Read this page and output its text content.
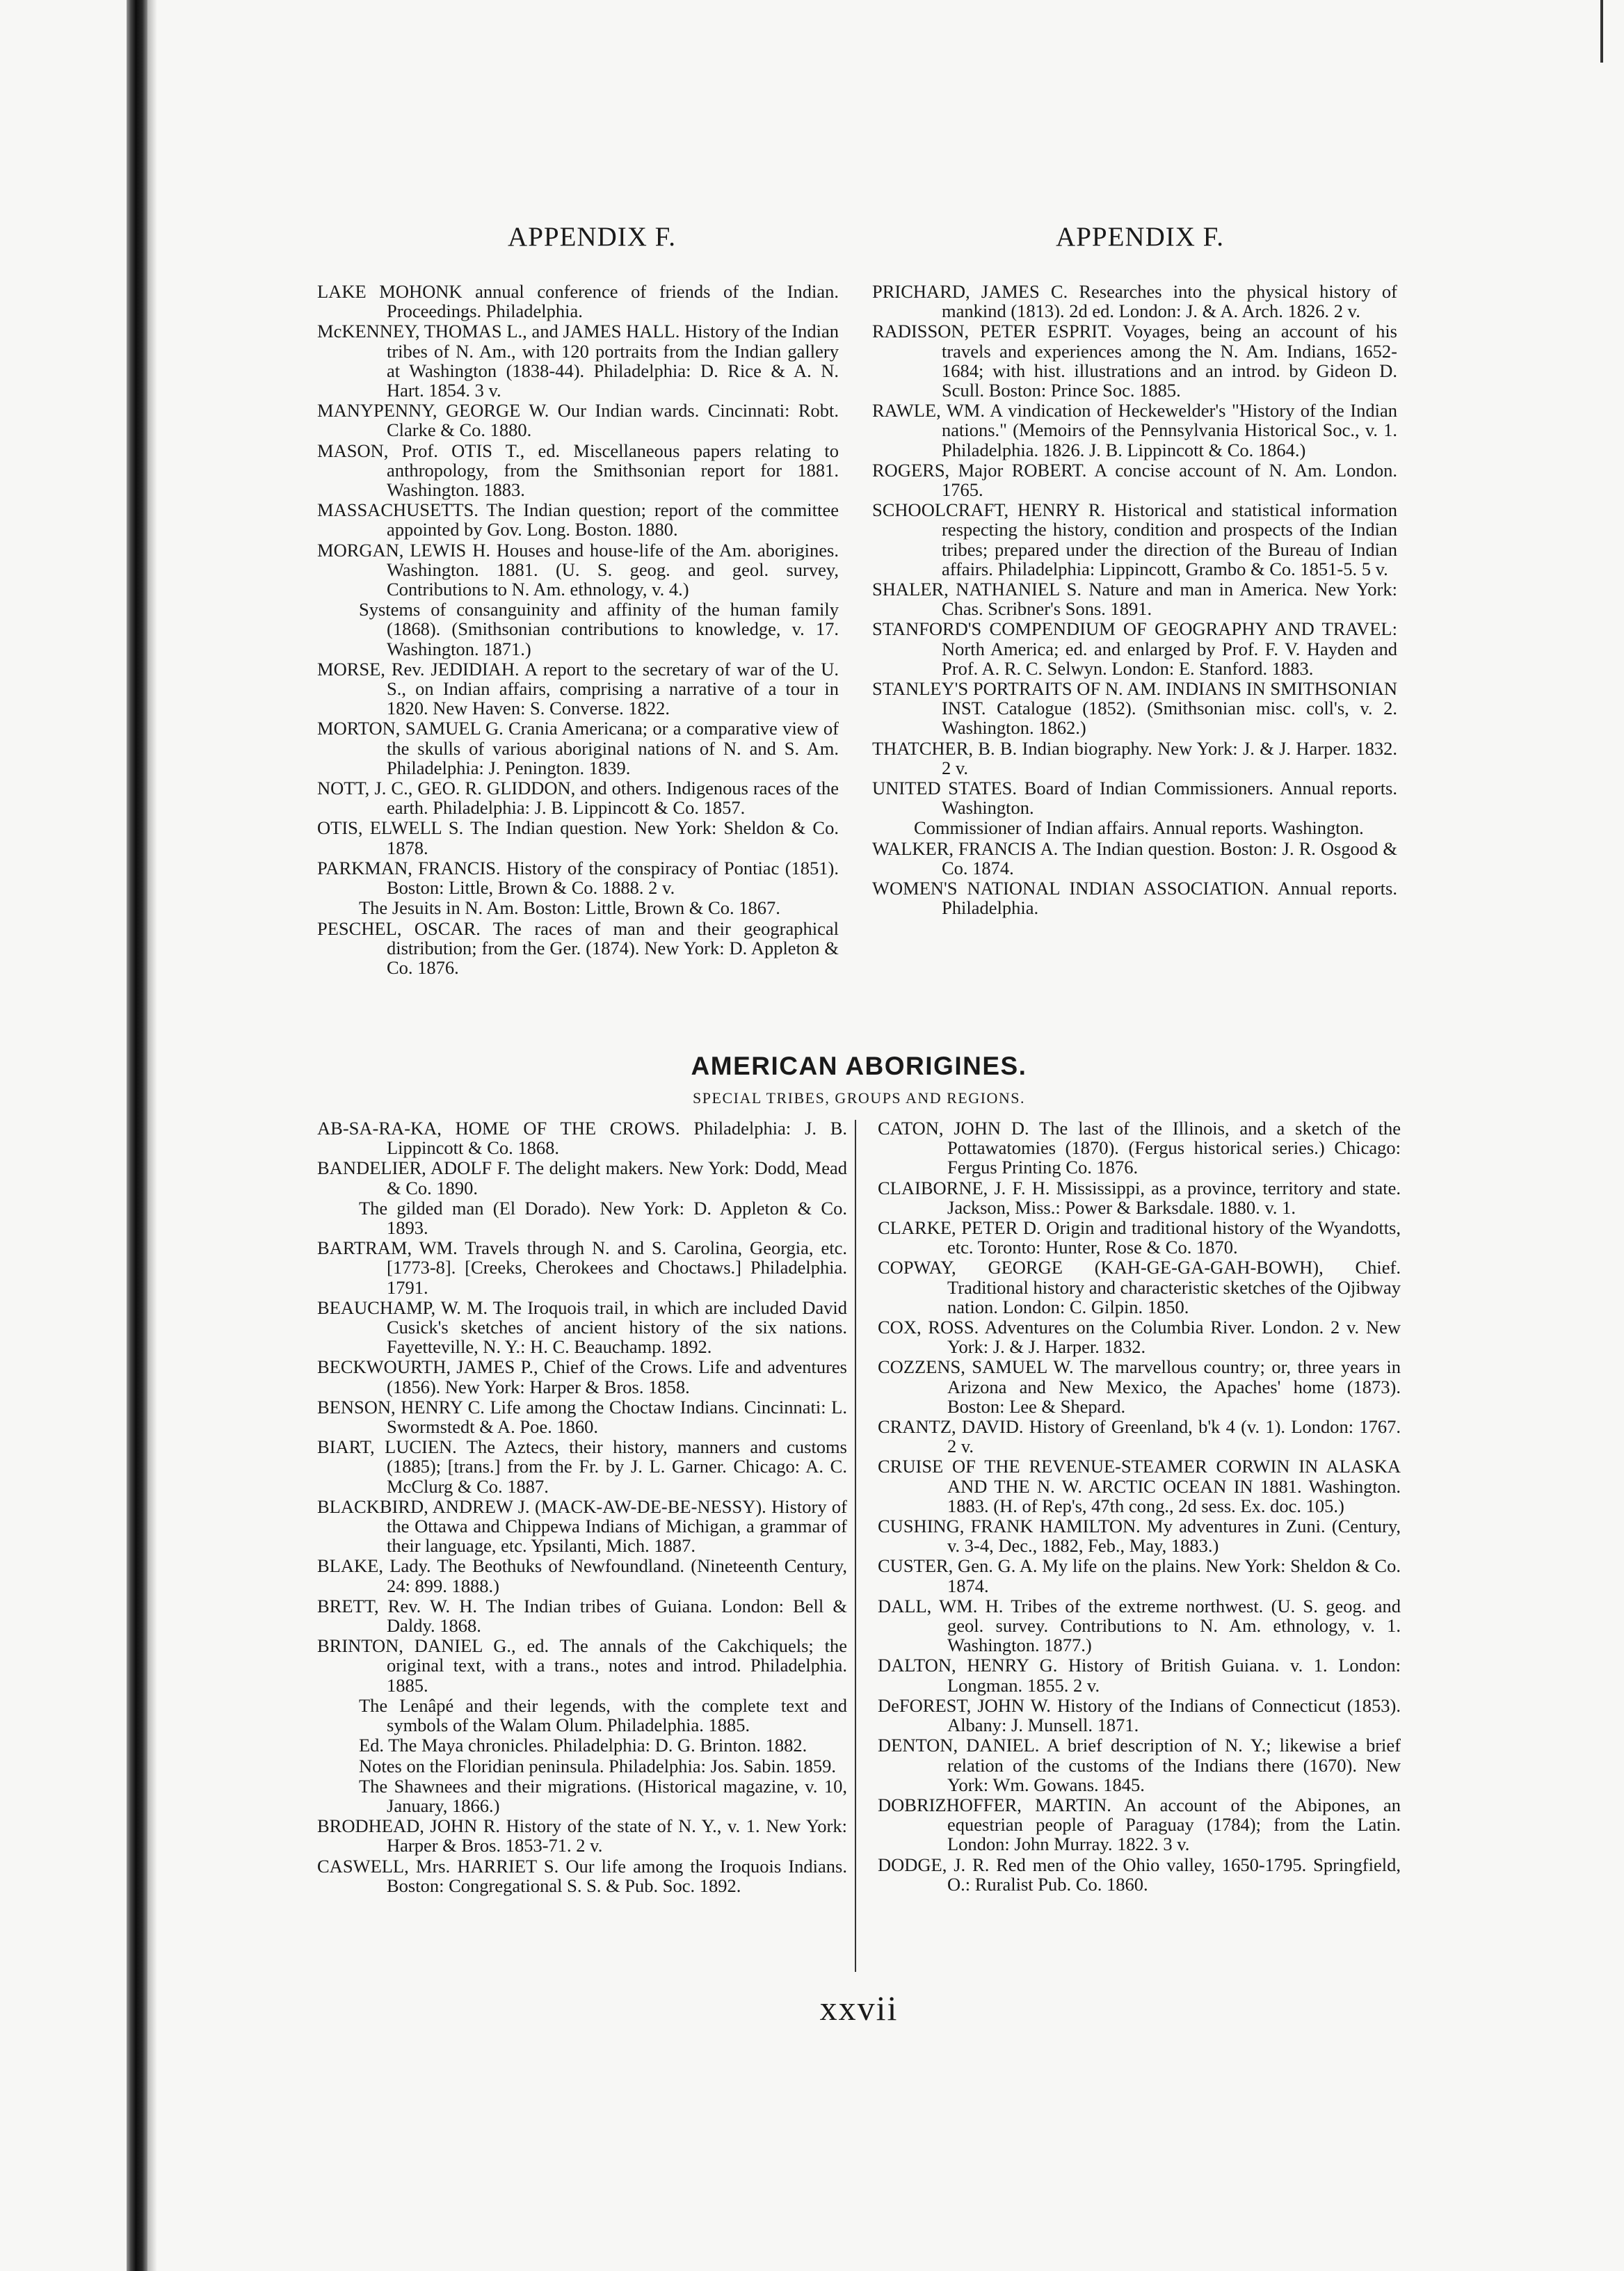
APPENDIX F.	APPENDIX F.

LAKE MOHONK annual conference of friends of the Indian. Proceedings. Philadelphia.

McKENNEY, THOMAS L., and JAMES HALL. History of the Indian tribes of N. Am., with 120 portraits from the Indian gallery at Washington (1838-44). Philadelphia: D. Rice & A. N. Hart. 1854. 3 v.

MANYPENNY, GEORGE W. Our Indian wards. Cincinnati: Robt. Clarke & Co. 1880.

MASON, Prof. OTIS T., ed. Miscellaneous papers relating to anthropology, from the Smithsonian report for 1881. Washington. 1883.

MASSACHUSETTS. The Indian question; report of the committee appointed by Gov. Long. Boston. 1880.

MORGAN, LEWIS H. Houses and house-life of the Am. aborigines. Washington. 1881. (U. S. geog. and geol. survey, Contributions to N. Am. ethnology, v. 4.)

Systems of consanguinity and affinity of the human family (1868). (Smithsonian contributions to knowledge, v. 17. Washington. 1871.)

MORSE, Rev. JEDIDIAH. A report to the secretary of war of the U. S., on Indian affairs, comprising a narrative of a tour in 1820. New Haven: S. Converse. 1822.

MORTON, SAMUEL G. Crania Americana; or a comparative view of the skulls of various aboriginal nations of N. and S. Am. Philadelphia: J. Penington. 1839.

NOTT, J. C., GEO. R. GLIDDON, and others. Indigenous races of the earth. Philadelphia: J. B. Lippincott & Co. 1857.

OTIS, ELWELL S. The Indian question. New York: Sheldon & Co. 1878.

PARKMAN, FRANCIS. History of the conspiracy of Pontiac (1851). Boston: Little, Brown & Co. 1888. 2 v.

The Jesuits in N. Am. Boston: Little, Brown & Co. 1867.

PESCHEL, OSCAR. The races of man and their geographical distribution; from the Ger. (1874). New York: D. Appleton & Co. 1876.

PRICHARD, JAMES C. Researches into the physical history of mankind (1813). 2d ed. London: J. & A. Arch. 1826. 2 v.

RADISSON, PETER ESPRIT. Voyages, being an account of his travels and experiences among the N. Am. Indians, 1652-1684; with hist. illustrations and an introd. by Gideon D. Scull. Boston: Prince Soc. 1885.

RAWLE, WM. A vindication of Heckewelder's "History of the Indian nations." (Memoirs of the Pennsylvania Historical Soc., v. 1. Philadelphia. 1826. J. B. Lippincott & Co. 1864.)

ROGERS, Major ROBERT. A concise account of N. Am. London. 1765.

SCHOOLCRAFT, HENRY R. Historical and statistical information respecting the history, condition and prospects of the Indian tribes; prepared under the direction of the Bureau of Indian affairs. Philadelphia: Lippincott, Grambo & Co. 1851-5. 5 v.

SHALER, NATHANIEL S. Nature and man in America. New York: Chas. Scribner's Sons. 1891.

STANFORD'S COMPENDIUM OF GEOGRAPHY AND TRAVEL: North America; ed. and enlarged by Prof. F. V. Hayden and Prof. A. R. C. Selwyn. London: E. Stanford. 1883.

STANLEY'S PORTRAITS OF N. AM. INDIANS IN SMITHSONIAN INST. Catalogue (1852). (Smithsonian misc. coll's, v. 2. Washington. 1862.)

THATCHER, B. B. Indian biography. New York: J. & J. Harper. 1832. 2 v.

UNITED STATES. Board of Indian Commissioners. Annual reports. Washington.

Commissioner of Indian affairs. Annual reports. Washington.

WALKER, FRANCIS A. The Indian question. Boston: J. R. Osgood & Co. 1874.

WOMEN'S NATIONAL INDIAN ASSOCIATION. Annual reports. Philadelphia.

AMERICAN ABORIGINES.
SPECIAL TRIBES, GROUPS AND REGIONS.

AB-SA-RA-KA, HOME OF THE CROWS. Philadelphia: J. B. Lippincott & Co. 1868.

BANDELIER, ADOLF F. The delight makers. New York: Dodd, Mead & Co. 1890.

The gilded man (El Dorado). New York: D. Appleton & Co. 1893.

BARTRAM, WM. Travels through N. and S. Carolina, Georgia, etc. [1773-8]. [Creeks, Cherokees and Choctaws.] Philadelphia. 1791.

BEAUCHAMP, W. M. The Iroquois trail, in which are included David Cusick's sketches of ancient history of the six nations. Fayetteville, N. Y.: H. C. Beauchamp. 1892.

BECKWOURTH, JAMES P., Chief of the Crows. Life and adventures (1856). New York: Harper & Bros. 1858.

BENSON, HENRY C. Life among the Choctaw Indians. Cincinnati: L. Swormstedt & A. Poe. 1860.

BIART, LUCIEN. The Aztecs, their history, manners and customs (1885); [trans.] from the Fr. by J. L. Garner. Chicago: A. C. McClurg & Co. 1887.

BLACKBIRD, ANDREW J. (MACK-AW-DE-BE-NESSY). History of the Ottawa and Chippewa Indians of Michigan, a grammar of their language, etc. Ypsilanti, Mich. 1887.

BLAKE, Lady. The Beothuks of Newfoundland. (Nineteenth Century, 24: 899. 1888.)

BRETT, Rev. W. H. The Indian tribes of Guiana. London: Bell & Daldy. 1868.

BRINTON, DANIEL G., ed. The annals of the Cakchiquels; the original text, with a trans., notes and introd. Philadelphia. 1885.

The Lenâpé and their legends, with the complete text and symbols of the Walam Olum. Philadelphia. 1885.

Ed. The Maya chronicles. Philadelphia: D. G. Brinton. 1882.

Notes on the Floridian peninsula. Philadelphia: Jos. Sabin. 1859.

The Shawnees and their migrations. (Historical magazine, v. 10, January, 1866.)

BRODHEAD, JOHN R. History of the state of N. Y., v. 1. New York: Harper & Bros. 1853-71. 2 v.

CASWELL, Mrs. HARRIET S. Our life among the Iroquois Indians. Boston: Congregational S. S. & Pub. Soc. 1892.

CATON, JOHN D. The last of the Illinois, and a sketch of the Pottawatomies (1870). (Fergus historical series.) Chicago: Fergus Printing Co. 1876.

CLAIBORNE, J. F. H. Mississippi, as a province, territory and state. Jackson, Miss.: Power & Barksdale. 1880. v. 1.

CLARKE, PETER D. Origin and traditional history of the Wyandotts, etc. Toronto: Hunter, Rose & Co. 1870.

COPWAY, GEORGE (KAH-GE-GA-GAH-BOWH), Chief. Traditional history and characteristic sketches of the Ojibway nation. London: C. Gilpin. 1850.

COX, ROSS. Adventures on the Columbia River. London. 2 v. New York: J. & J. Harper. 1832.

COZZENS, SAMUEL W. The marvellous country; or, three years in Arizona and New Mexico, the Apaches' home (1873). Boston: Lee & Shepard.

CRANTZ, DAVID. History of Greenland, b'k 4 (v. 1). London: 1767. 2 v.

CRUISE OF THE REVENUE-STEAMER CORWIN IN ALASKA AND THE N. W. ARCTIC OCEAN IN 1881. Washington. 1883. (H. of Rep's, 47th cong., 2d sess. Ex. doc. 105.)

CUSHING, FRANK HAMILTON. My adventures in Zuni. (Century, v. 3-4, Dec., 1882, Feb., May, 1883.)

CUSTER, Gen. G. A. My life on the plains. New York: Sheldon & Co. 1874.

DALL, WM. H. Tribes of the extreme northwest. (U. S. geog. and geol. survey. Contributions to N. Am. ethnology, v. 1. Washington. 1877.)

DALTON, HENRY G. History of British Guiana. v. 1. London: Longman. 1855. 2 v.

DeFOREST, JOHN W. History of the Indians of Connecticut (1853). Albany: J. Munsell. 1871.

DENTON, DANIEL. A brief description of N. Y.; likewise a brief relation of the customs of the Indians there (1670). New York: Wm. Gowans. 1845.

DOBRIZHOFFER, MARTIN. An account of the Abipones, an equestrian people of Paraguay (1784); from the Latin. London: John Murray. 1822. 3 v.

DODGE, J. R. Red men of the Ohio valley, 1650-1795. Springfield, O.: Ruralist Pub. Co. 1860.

xxvii
